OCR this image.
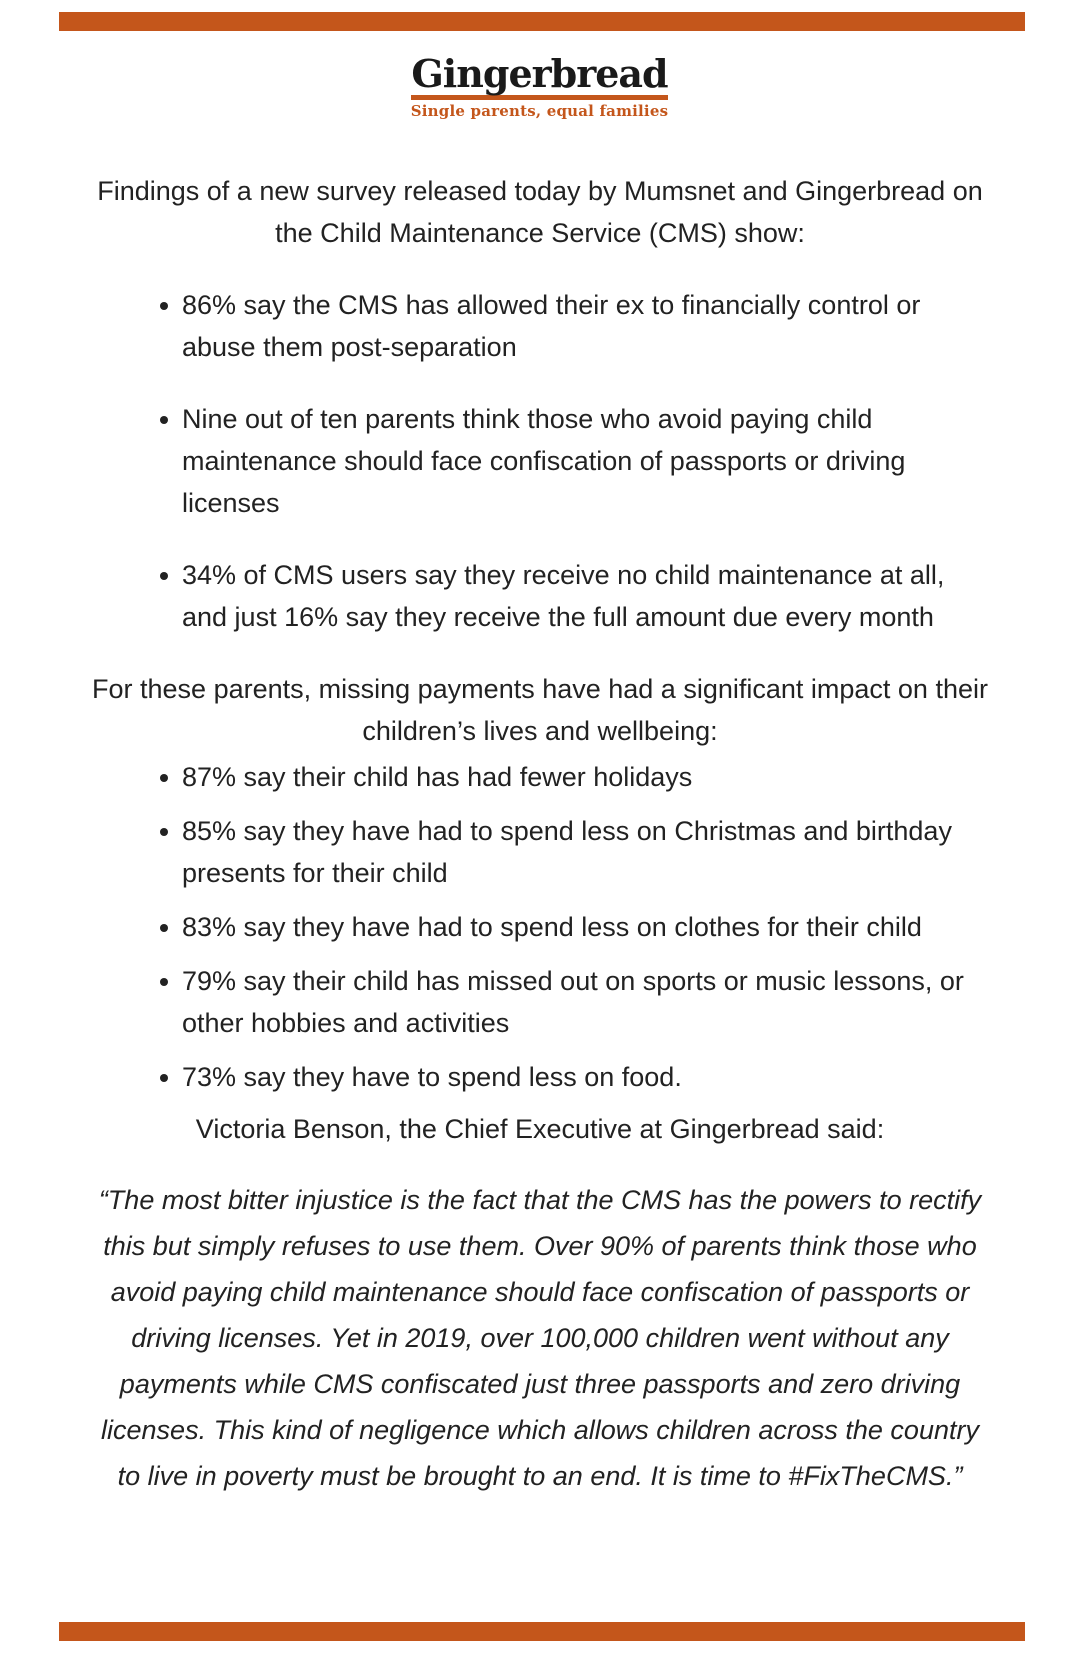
Gingerbread
Single parents, equal families

Findings of a new survey released today by Mumsnet and Gingerbread on the Child Maintenance Service (CMS) show:

86% say the CMS has allowed their ex to financially control or abuse them post-separation
Nine out of ten parents think those who avoid paying child maintenance should face confiscation of passports or driving licenses
34% of CMS users say they receive no child maintenance at all, and just 16% say they receive the full amount due every month

For these parents, missing payments have had a significant impact on their children’s lives and wellbeing:

87% say their child has had fewer holidays
85% say they have had to spend less on Christmas and birthday presents for their child
83% say they have had to spend less on clothes for their child
79% say their child has missed out on sports or music lessons, or other hobbies and activities
73% say they have to spend less on food.

Victoria Benson, the Chief Executive at Gingerbread said:

“The most bitter injustice is the fact that the CMS has the powers to rectify this but simply refuses to use them. Over 90% of parents think those who avoid paying child maintenance should face confiscation of passports or driving licenses. Yet in 2019, over 100,000 children went without any payments while CMS confiscated just three passports and zero driving licenses. This kind of negligence which allows children across the country to live in poverty must be brought to an end. It is time to #FixTheCMS.”
